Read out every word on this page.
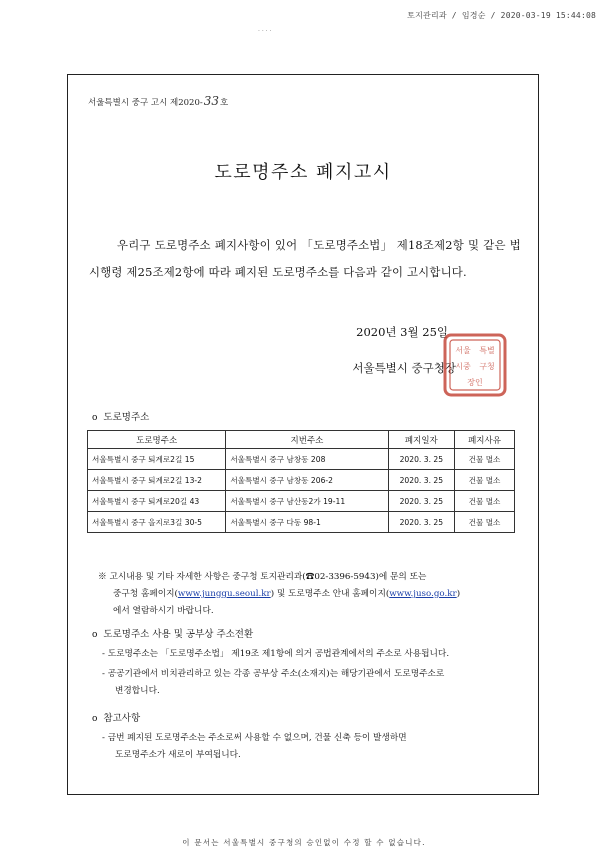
토지관리과 / 임경순 / 2020-03-19 15:44:08
· · · ·
서울특별시 중구 고시 제2020-33호
도로명주소 폐지고시
우리구 도로명주소 폐지사항이 있어 「도로명주소법」 제18조제2항 및 같은 법 시행령 제25조제2항에 따라 폐지된 도로명주소를 다음과 같이 고시합니다.
2020년 3월 25일
서울특별시 중구청장
서울 특별
시중 구청
장인
o 도로명주소
도로명주소	지번주소	폐지일자	폐지사유
서울특별시 중구 퇴계로2길 15	서울특별시 중구 남창동 208	2020. 3. 25	건물 멸소
서울특별시 중구 퇴계로2길 13-2	서울특별시 중구 남창동 206-2	2020. 3. 25	건물 멸소
서울특별시 중구 퇴계로20길 43	서울특별시 중구 남산동2가 19-11	2020. 3. 25	건물 멸소
서울특별시 중구 을지로3길 30-5	서울특별시 중구 다동 98-1	2020. 3. 25	건물 멸소
※ 고시내용 및 기타 자세한 사항은 중구청 토지관리과(☎02-3396-5943)에 문의 또는
중구청 홈페이지(www.junggu.seoul.kr) 및 도로명주소 안내 홈페이지(www.juso.go.kr)
에서 열람하시기 바랍니다.
o 도로명주소 사용 및 공부상 주소전환
- 도로명주소는 「도로명주소법」 제19조 제1항에 의거 공법관계에서의 주소로 사용됩니다.
- 공공기관에서 비치관리하고 있는 각종 공부상 주소(소재지)는 해당기관에서 도로명주소로
변경합니다.
o 참고사항
- 금번 폐지된 도로명주소는 주소로써 사용할 수 없으며, 건물 신축 등이 발생하면
도로명주소가 새로이 부여됩니다.
이 문서는 서울특별시 중구청의 승인없이 수정 할 수 없습니다.
